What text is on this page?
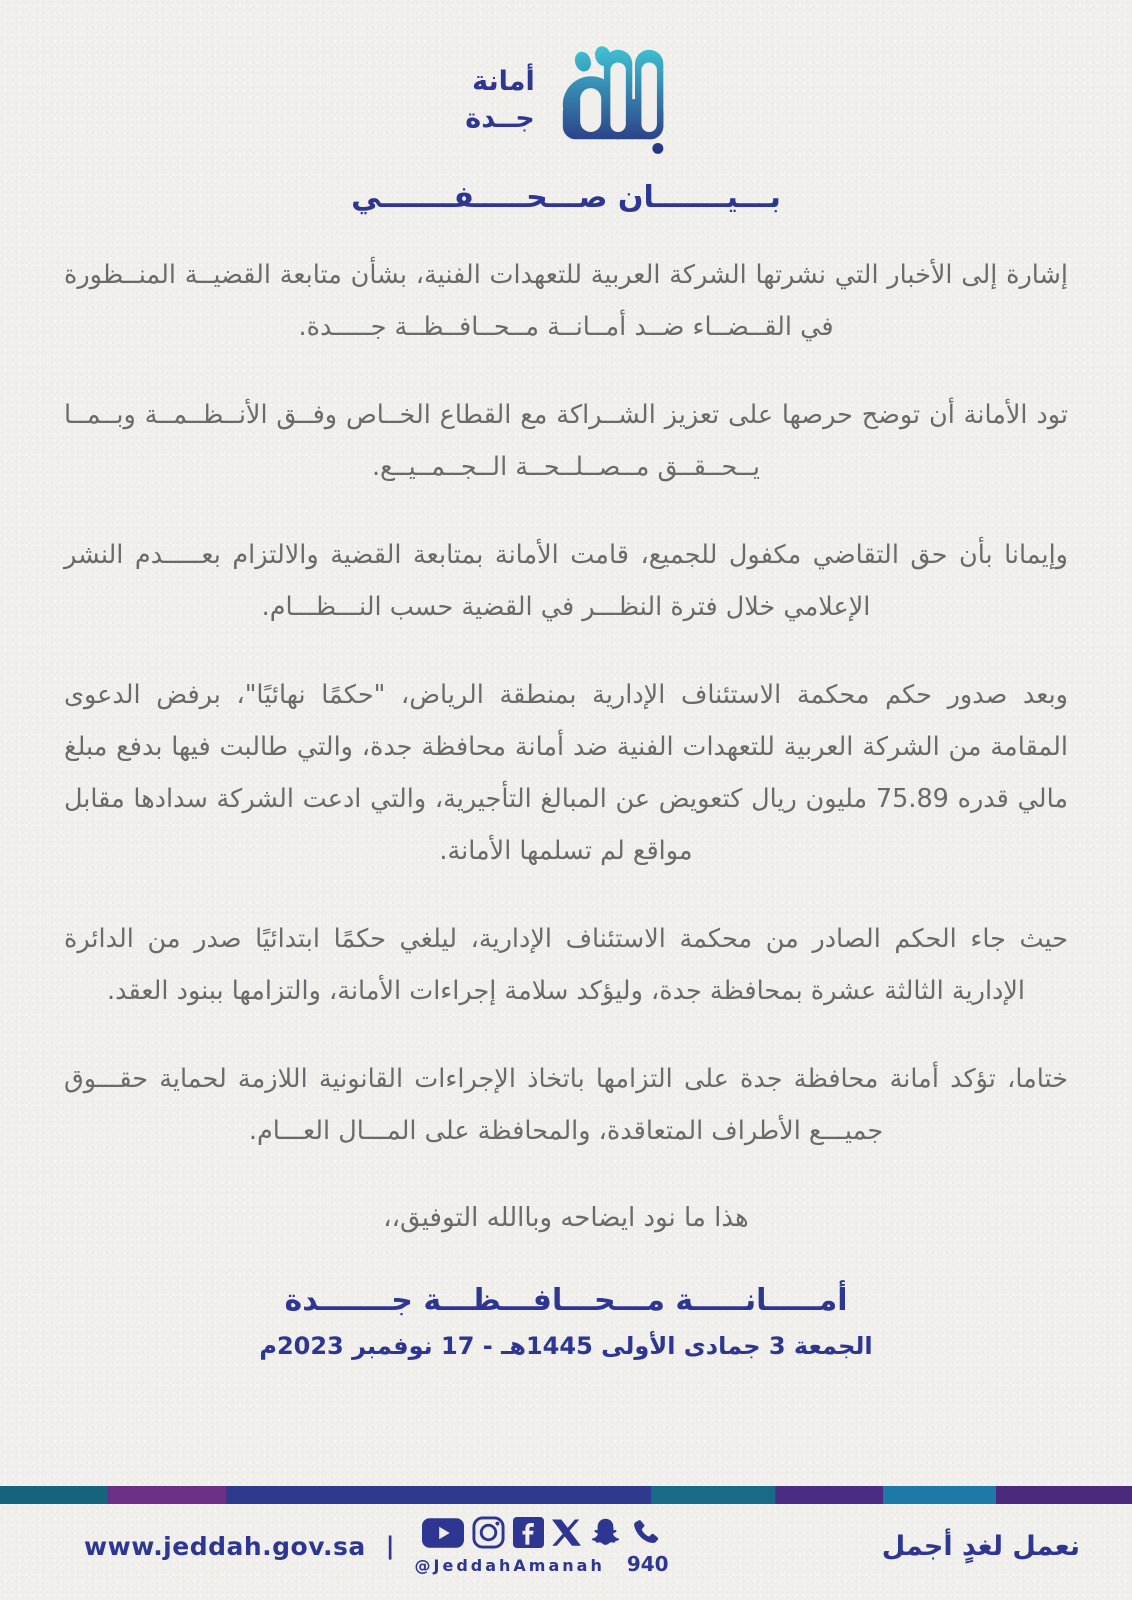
أمانة
جــدة
بـــيـــــــان صـــحـــــفـــــــي

إشارة إلى الأخبار التي نشرتها الشركة العربية للتعهدات الفنية، بشأن متابعة القضيــة المنــظورة في القــضــاء ضــد أمــانــة مــحــافــظــة جـــــدة.

تود الأمانة أن توضح حرصها على تعزيز الشــراكة مع القطاع الخــاص وفــق الأنــظــمــة وبــمــا يــحــقــق مــصــلــحــة الــجــمــيــع.

وإيمانا بأن حق التقاضي مكفول للجميع، قامت الأمانة بمتابعة القضية والالتزام بعـــــدم النشر الإعلامي خلال فترة النظـــر في القضية حسب النـــظـــام.

وبعد صدور حكم محكمة الاستئناف الإدارية بمنطقة الرياض، "حكمًا نهائيًا"، برفض الدعوى المقامة من الشركة العربية للتعهدات الفنية ضد أمانة محافظة جدة، والتي طالبت فيها بدفع مبلغ مالي قدره 75.89 مليون ريال كتعويض عن المبالغ التأجيرية، والتي ادعت الشركة سدادها مقابل مواقع لم تسلمها الأمانة.

حيث جاء الحكم الصادر من محكمة الاستئناف الإدارية، ليلغي حكمًا ابتدائيًا صدر من الدائرة الإدارية الثالثة عشرة بمحافظة جدة، وليؤكد سلامة إجراءات الأمانة، والتزامها ببنود العقد.

ختاما، تؤكد أمانة محافظة جدة على التزامها باتخاذ الإجراءات القانونية اللازمة لحماية حقـــوق جميـــع الأطراف المتعاقدة، والمحافظة على المـــال العـــام.

هذا ما نود ايضاحه وباالله التوفيق،،
أمـــــانـــــة مـــحـــافـــظـــة جـــــــدة
الجمعة 3 جمادى الأولى 1445هـ - 17 نوفمبر 2023م
www.jeddah.gov.sa |
@JeddahAmanah 940
نعمل لغدٍ أجمل
